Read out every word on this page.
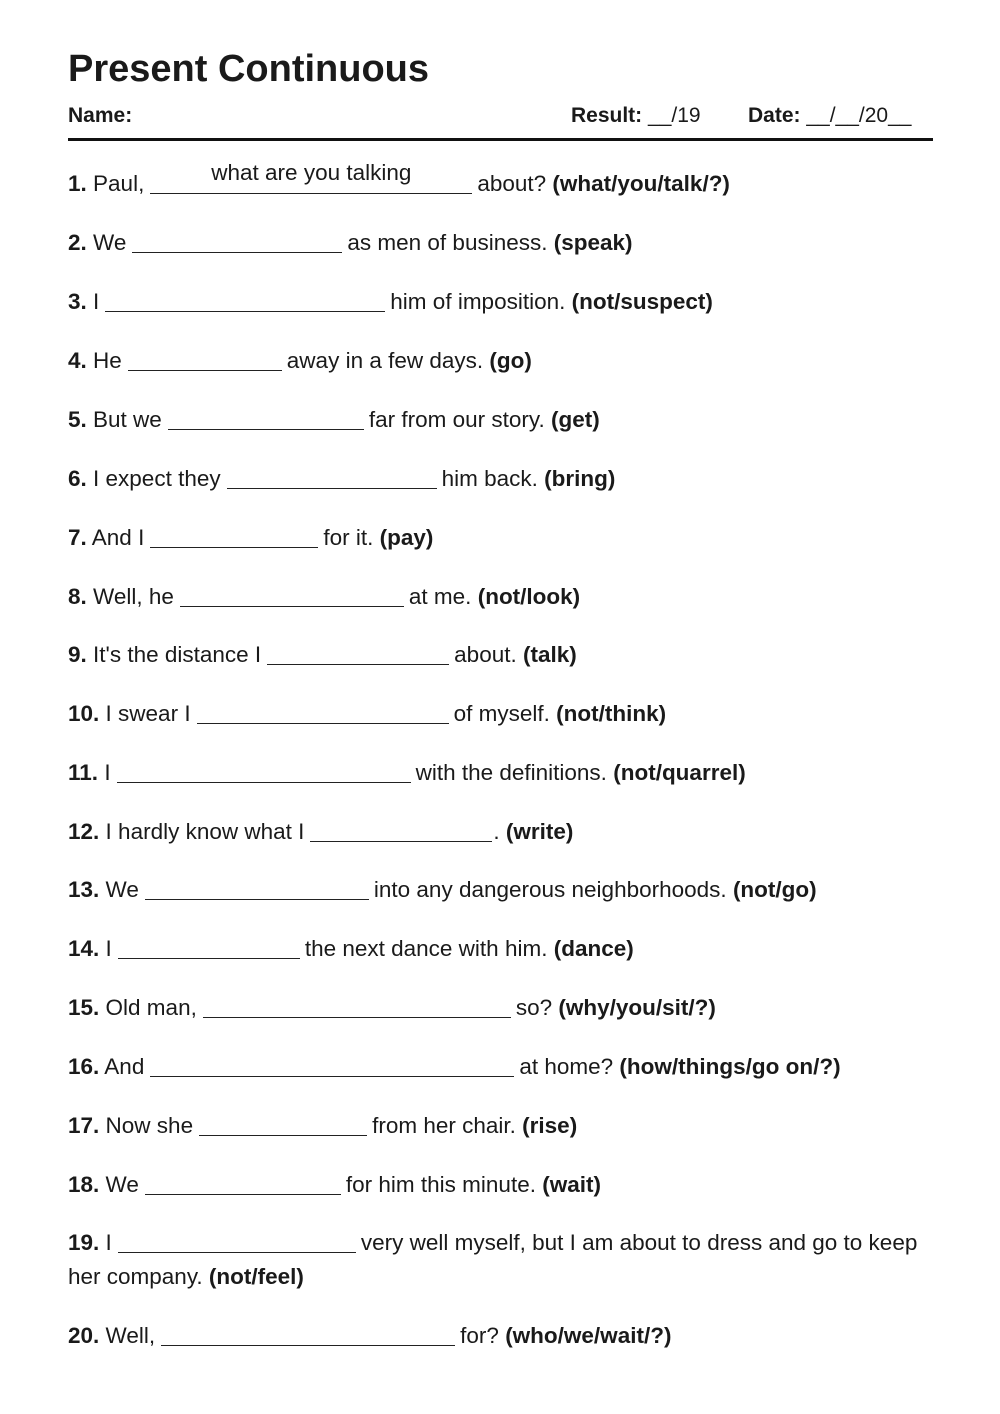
Present Continuous
Name:	Result: __/19 Date: __/__/20__
1. Paul,	what are you talking	about? (what/you/talk/?)
2. We	as men of business. (speak)
3. I	him of imposition. (not/suspect)
4. He	away in a few days. (go)
5. But we	far from our story. (get)
6. I expect they	him back. (bring)
7. And I	for it. (pay)
8. Well, he	at me. (not/look)
9. It's the distance I	about. (talk)
10. I swear I	of myself. (not/think)
11. I	with the definitions. (not/quarrel)
12. I hardly know what I	. (write)
13. We	into any dangerous neighborhoods. (not/go)
14. I	the next dance with him. (dance)
15. Old man,	so? (why/you/sit/?)
16. And	at home? (how/things/go on/?)
17. Now she	from her chair. (rise)
18. We	for him this minute. (wait)
19. I	very well myself, but I am about to dress and go to keep her company. (not/feel)
20. Well,	for? (who/we/wait/?)
